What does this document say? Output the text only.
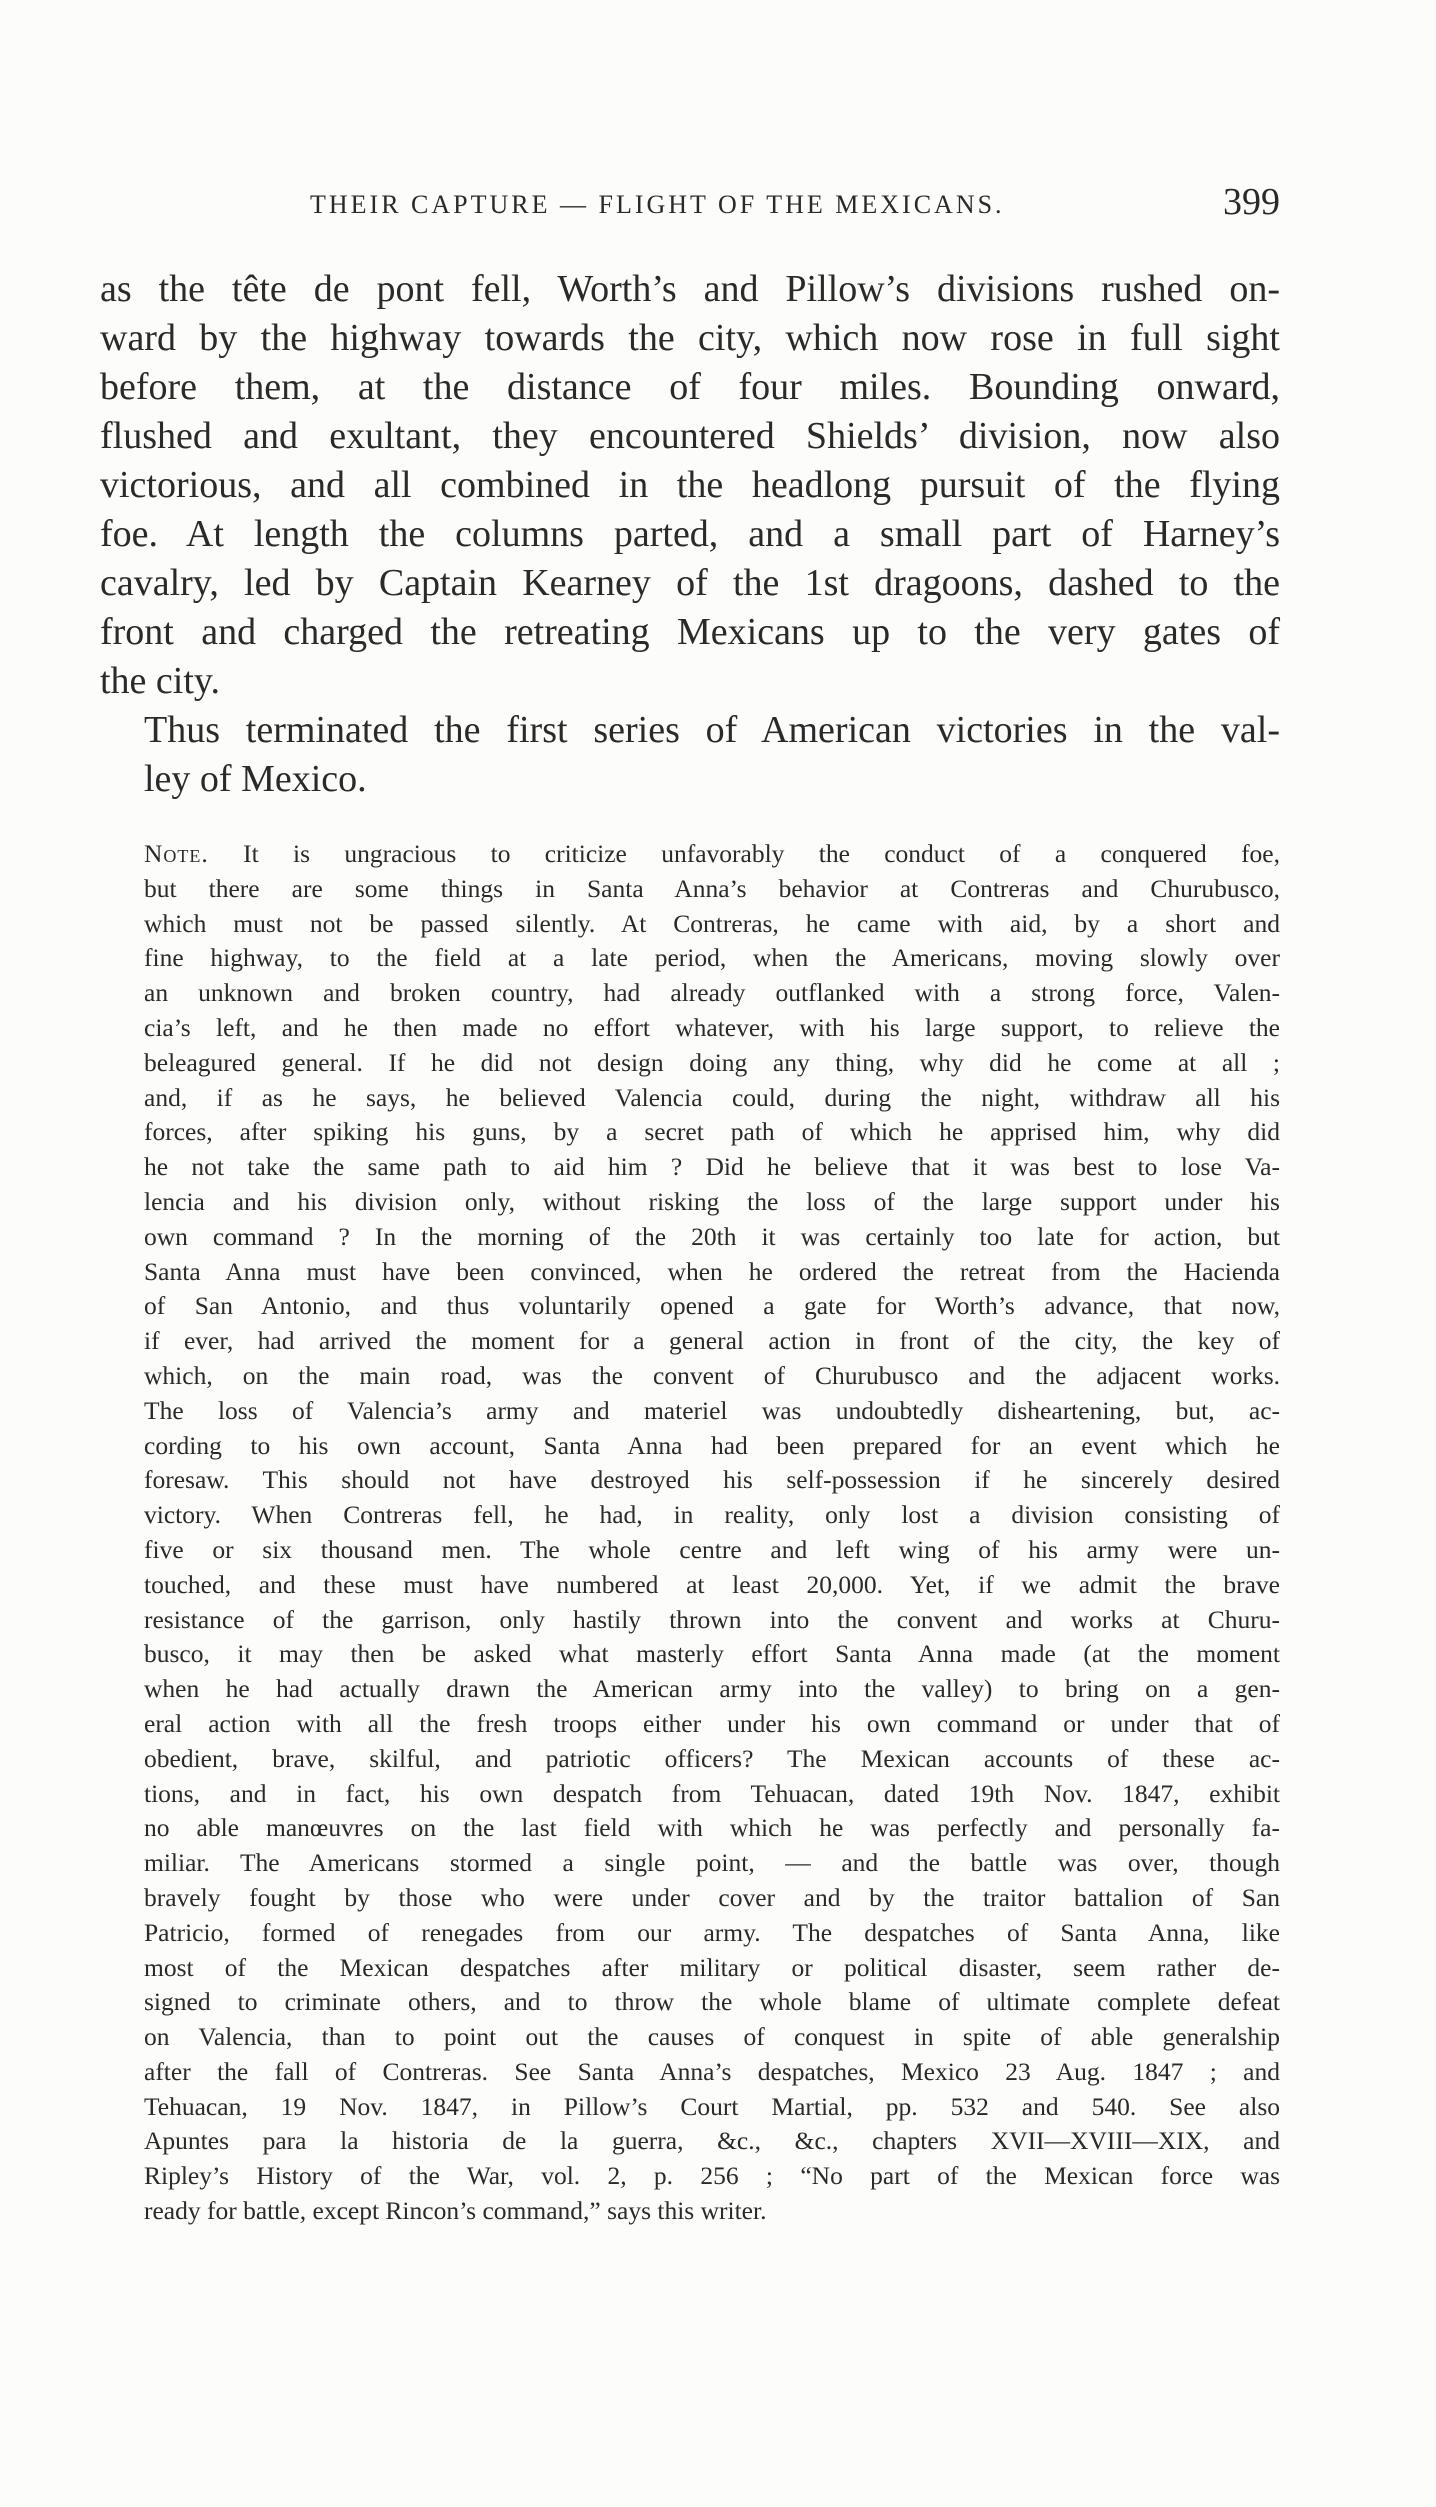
THEIR CAPTURE — FLIGHT OF THE MEXICANS.	399

as the tête de pont fell, Worth’s and Pillow’s divisions rushed on-
ward by the highway towards the city, which now rose in full sight
before them, at the distance of four miles. Bounding onward,
flushed and exultant, they encountered Shields’ division, now also
victorious, and all combined in the headlong pursuit of the flying
foe. At length the columns parted, and a small part of Harney’s
cavalry, led by Captain Kearney of the 1st dragoons, dashed to the
front and charged the retreating Mexicans up to the very gates of
the city.

Thus terminated the first series of American victories in the val-
ley of Mexico.

Note. It is ungracious to criticize unfavorably the conduct of a conquered foe,
but there are some things in Santa Anna’s behavior at Contreras and Churubusco,
which must not be passed silently. At Contreras, he came with aid, by a short and
fine highway, to the field at a late period, when the Americans, moving slowly over
an unknown and broken country, had already outflanked with a strong force, Valen-
cia’s left, and he then made no effort whatever, with his large support, to relieve the
beleagured general. If he did not design doing any thing, why did he come at all ;
and, if as he says, he believed Valencia could, during the night, withdraw all his
forces, after spiking his guns, by a secret path of which he apprised him, why did
he not take the same path to aid him ? Did he believe that it was best to lose Va-
lencia and his division only, without risking the loss of the large support under his
own command ? In the morning of the 20th it was certainly too late for action, but
Santa Anna must have been convinced, when he ordered the retreat from the Hacienda
of San Antonio, and thus voluntarily opened a gate for Worth’s advance, that now,
if ever, had arrived the moment for a general action in front of the city, the key of
which, on the main road, was the convent of Churubusco and the adjacent works.
The loss of Valencia’s army and materiel was undoubtedly disheartening, but, ac-
cording to his own account, Santa Anna had been prepared for an event which he
foresaw. This should not have destroyed his self-possession if he sincerely desired
victory. When Contreras fell, he had, in reality, only lost a division consisting of
five or six thousand men. The whole centre and left wing of his army were un-
touched, and these must have numbered at least 20,000. Yet, if we admit the brave
resistance of the garrison, only hastily thrown into the convent and works at Churu-
busco, it may then be asked what masterly effort Santa Anna made (at the moment
when he had actually drawn the American army into the valley) to bring on a gen-
eral action with all the fresh troops either under his own command or under that of
obedient, brave, skilful, and patriotic officers? The Mexican accounts of these ac-
tions, and in fact, his own despatch from Tehuacan, dated 19th Nov. 1847, exhibit
no able manœuvres on the last field with which he was perfectly and personally fa-
miliar. The Americans stormed a single point, — and the battle was over, though
bravely fought by those who were under cover and by the traitor battalion of San
Patricio, formed of renegades from our army. The despatches of Santa Anna, like
most of the Mexican despatches after military or political disaster, seem rather de-
signed to criminate others, and to throw the whole blame of ultimate complete defeat
on Valencia, than to point out the causes of conquest in spite of able generalship
after the fall of Contreras. See Santa Anna’s despatches, Mexico 23 Aug. 1847 ; and
Tehuacan, 19 Nov. 1847, in Pillow’s Court Martial, pp. 532 and 540. See also
Apuntes para la historia de la guerra, &c., &c., chapters XVII—XVIII—XIX, and
Ripley’s History of the War, vol. 2, p. 256 ; “No part of the Mexican force was
ready for battle, except Rincon’s command,” says this writer.
